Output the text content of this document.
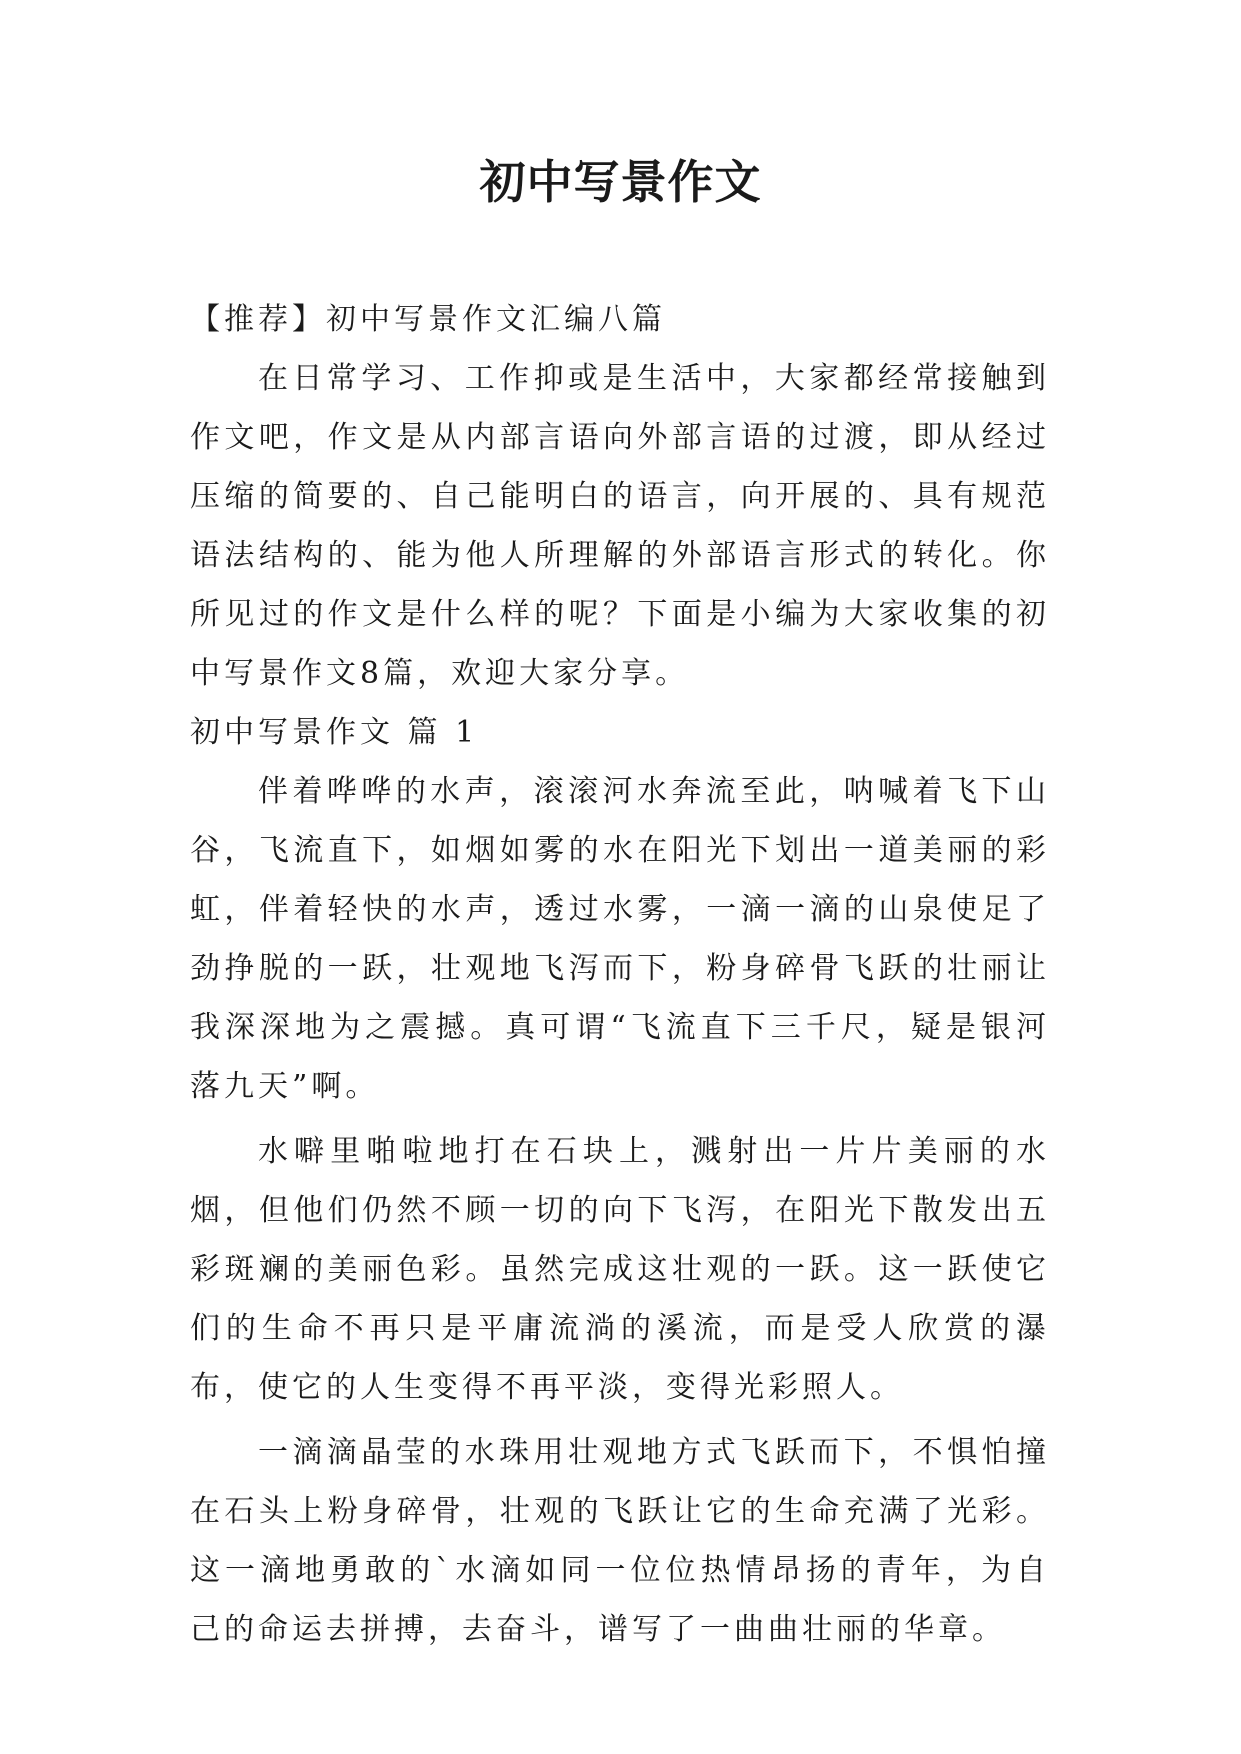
初中写景作文

【推荐】初中写景作文汇编八篇

在日常学习、工作抑或是生活中，大家都经常接触到作文吧，作文是从内部言语向外部言语的过渡，即从经过压缩的简要的、自己能明白的语言，向开展的、具有规范语法结构的、能为他人所理解的外部语言形式的转化。你所见过的作文是什么样的呢？下面是小编为大家收集的初中写景作文8篇，欢迎大家分享。

初中写景作文 篇 1

伴着哗哗的水声，滚滚河水奔流至此，呐喊着飞下山谷，飞流直下，如烟如雾的水在阳光下划出一道美丽的彩虹，伴着轻快的水声，透过水雾，一滴一滴的山泉使足了劲挣脱的一跃，壮观地飞泻而下，粉身碎骨飞跃的壮丽让我深深地为之震撼。真可谓“飞流直下三千尺，疑是银河落九天”啊。

水噼里啪啦地打在石块上，溅射出一片片美丽的水烟，但他们仍然不顾一切的向下飞泻，在阳光下散发出五彩斑斓的美丽色彩。虽然完成这壮观的一跃。这一跃使它们的生命不再只是平庸流淌的溪流，而是受人欣赏的瀑布，使它的人生变得不再平淡，变得光彩照人。

一滴滴晶莹的水珠用壮观地方式飞跃而下，不惧怕撞在石头上粉身碎骨，壮观的飞跃让它的生命充满了光彩。这一滴地勇敢的`水滴如同一位位热情昂扬的青年，为自己的命运去拼搏，去奋斗，谱写了一曲曲壮丽的华章。
